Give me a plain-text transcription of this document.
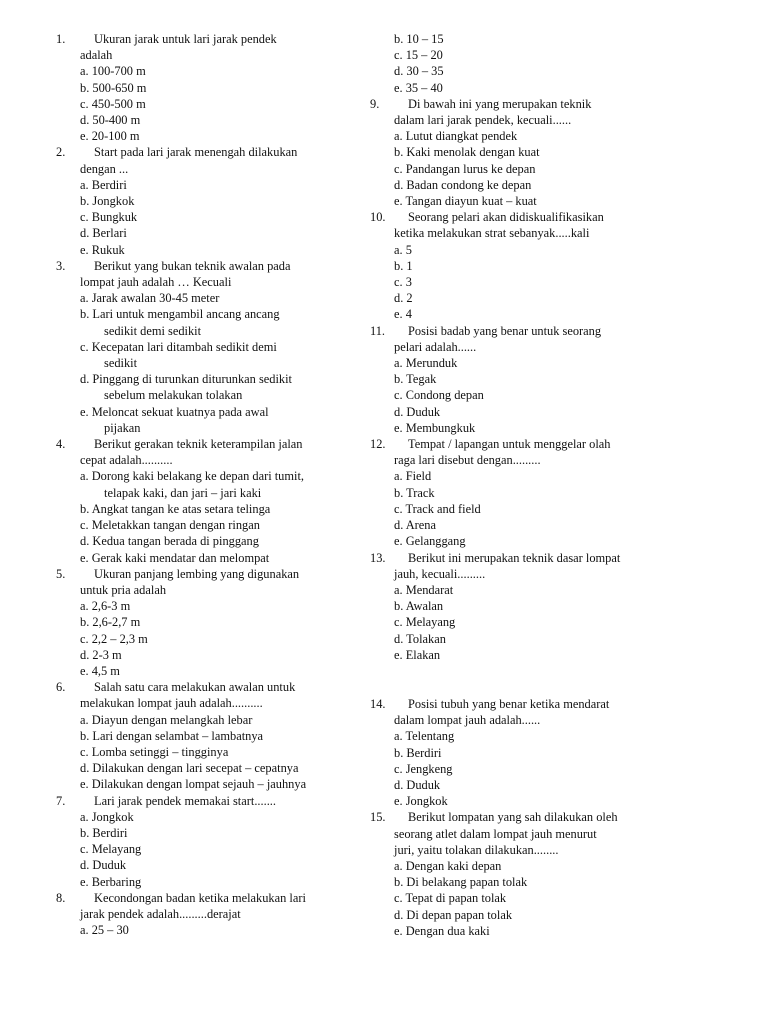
1. Ukuran jarak untuk lari jarak pendek
adalah
a. 100-700 m
b. 500-650 m
c. 450-500 m
d. 50-400 m
e. 20-100 m
2. Start pada lari jarak menengah dilakukan
dengan ...
a. Berdiri
b. Jongkok
c. Bungkuk
d. Berlari
e. Rukuk
3. Berikut yang bukan teknik awalan pada
lompat jauh adalah … Kecuali
a. Jarak awalan 30-45 meter
b. Lari untuk mengambil ancang ancang
sedikit demi sedikit
c. Kecepatan lari ditambah sedikit demi
sedikit
d. Pinggang di turunkan diturunkan sedikit
sebelum melakukan tolakan
e. Meloncat sekuat kuatnya pada awal
pijakan
4. Berikut gerakan teknik keterampilan jalan
cepat adalah..........
a. Dorong kaki belakang ke depan dari tumit,
telapak kaki, dan jari – jari kaki
b. Angkat tangan ke atas setara telinga
c. Meletakkan tangan dengan ringan
d. Kedua tangan berada di pinggang
e. Gerak kaki mendatar dan melompat
5. Ukuran panjang lembing yang digunakan
untuk pria adalah
a. 2,6-3 m
b. 2,6-2,7 m
c. 2,2 – 2,3 m
d. 2-3 m
e. 4,5 m
6. Salah satu cara melakukan awalan untuk
melakukan lompat jauh adalah..........
a. Diayun dengan melangkah lebar
b. Lari dengan selambat – lambatnya
c. Lomba setinggi – tingginya
d. Dilakukan dengan lari secepat – cepatnya
e. Dilakukan dengan lompat sejauh – jauhnya
7. Lari jarak pendek memakai start.......
a. Jongkok
b. Berdiri
c. Melayang
d. Duduk
e. Berbaring
8. Kecondongan badan ketika melakukan lari
jarak pendek adalah.........derajat
a. 25 – 30
b. 10 – 15
c. 15 – 20
d. 30 – 35
e. 35 – 40
9. Di bawah ini yang merupakan teknik
dalam lari jarak pendek, kecuali......
a. Lutut diangkat pendek
b. Kaki menolak dengan kuat
c. Pandangan lurus ke depan
d. Badan condong ke depan
e. Tangan diayun kuat – kuat
10. Seorang pelari akan didiskualifikasikan
ketika melakukan strat sebanyak.....kali
a. 5
b. 1
c. 3
d. 2
e. 4
11. Posisi badab yang benar untuk seorang
pelari adalah......
a. Merunduk
b. Tegak
c. Condong depan
d. Duduk
e. Membungkuk
12. Tempat / lapangan untuk menggelar olah
raga lari disebut dengan.........
a. Field
b. Track
c. Track and field
d. Arena
e. Gelanggang
13. Berikut ini merupakan teknik dasar lompat
jauh, kecuali.........
a. Mendarat
b. Awalan
c. Melayang
d. Tolakan
e. Elakan
14. Posisi tubuh yang benar ketika mendarat
dalam lompat jauh adalah......
a. Telentang
b. Berdiri
c. Jengkeng
d. Duduk
e. Jongkok
15. Berikut lompatan yang sah dilakukan oleh
seorang atlet dalam lompat jauh menurut
juri, yaitu tolakan dilakukan........
a. Dengan kaki depan
b. Di belakang papan tolak
c. Tepat di papan tolak
d. Di depan papan tolak
e. Dengan dua kaki
